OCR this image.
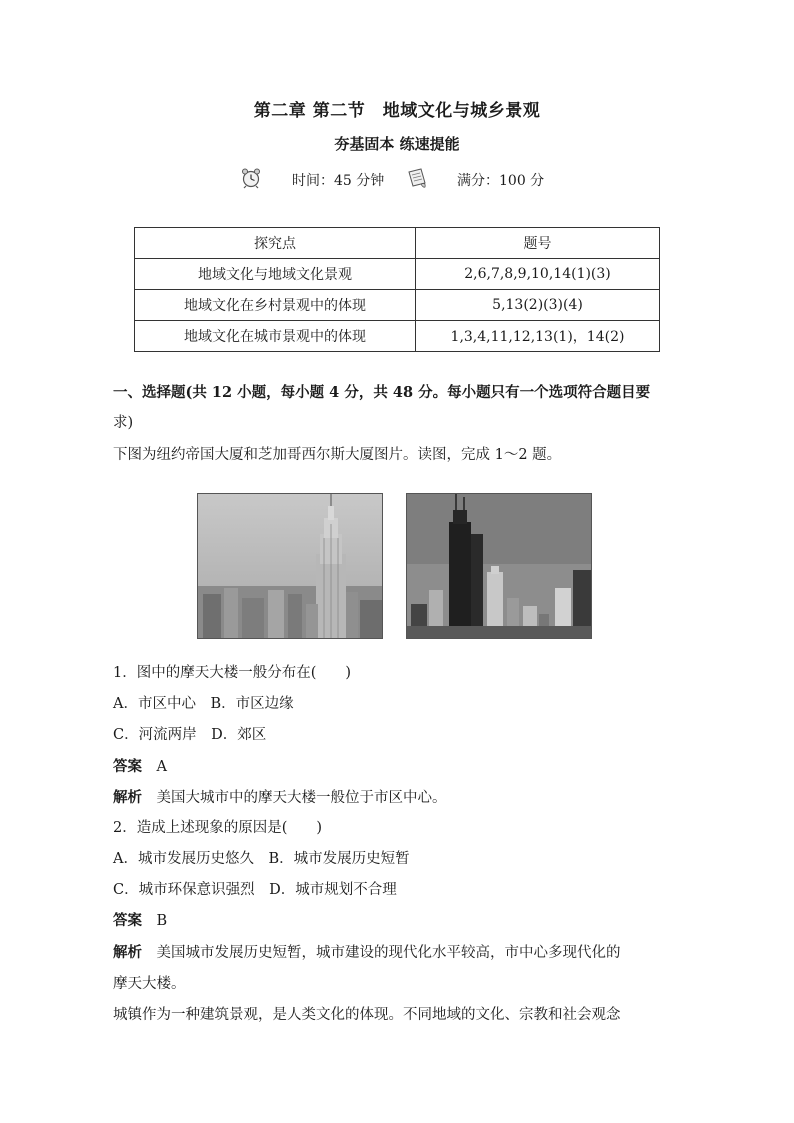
第二章 第二节　地域文化与城乡景观
夯基固本 练速提能
时间：45 分钟	满分：100 分
探究点	题号
地域文化与地域文化景观	2,6,7,8,9,10,14(1)(3)
地域文化在乡村景观中的体现	5,13(2)(3)(4)
地域文化在城市景观中的体现	1,3,4,11,12,13(1)，14(2)
一、选择题(共 12 小题，每小题 4 分，共 48 分。每小题只有一个选项符合题目要
求)
下图为纽约帝国大厦和芝加哥西尔斯大厦图片。读图，完成 1～2 题。
1．图中的摩天大楼一般分布在(　　)
A．市区中心　B．市区边缘
C．河流两岸　D．郊区
答案　 A
解析　 美国大城市中的摩天大楼一般位于市区中心。
2．造成上述现象的原因是(　　)
A．城市发展历史悠久　B．城市发展历史短暂
C．城市环保意识强烈　D．城市规划不合理
答案　 B
解析　 美国城市发展历史短暂，城市建设的现代化水平较高，市中心多现代化的
摩天大楼。
城镇作为一种建筑景观，是人类文化的体现。不同地域的文化、宗教和社会观念
